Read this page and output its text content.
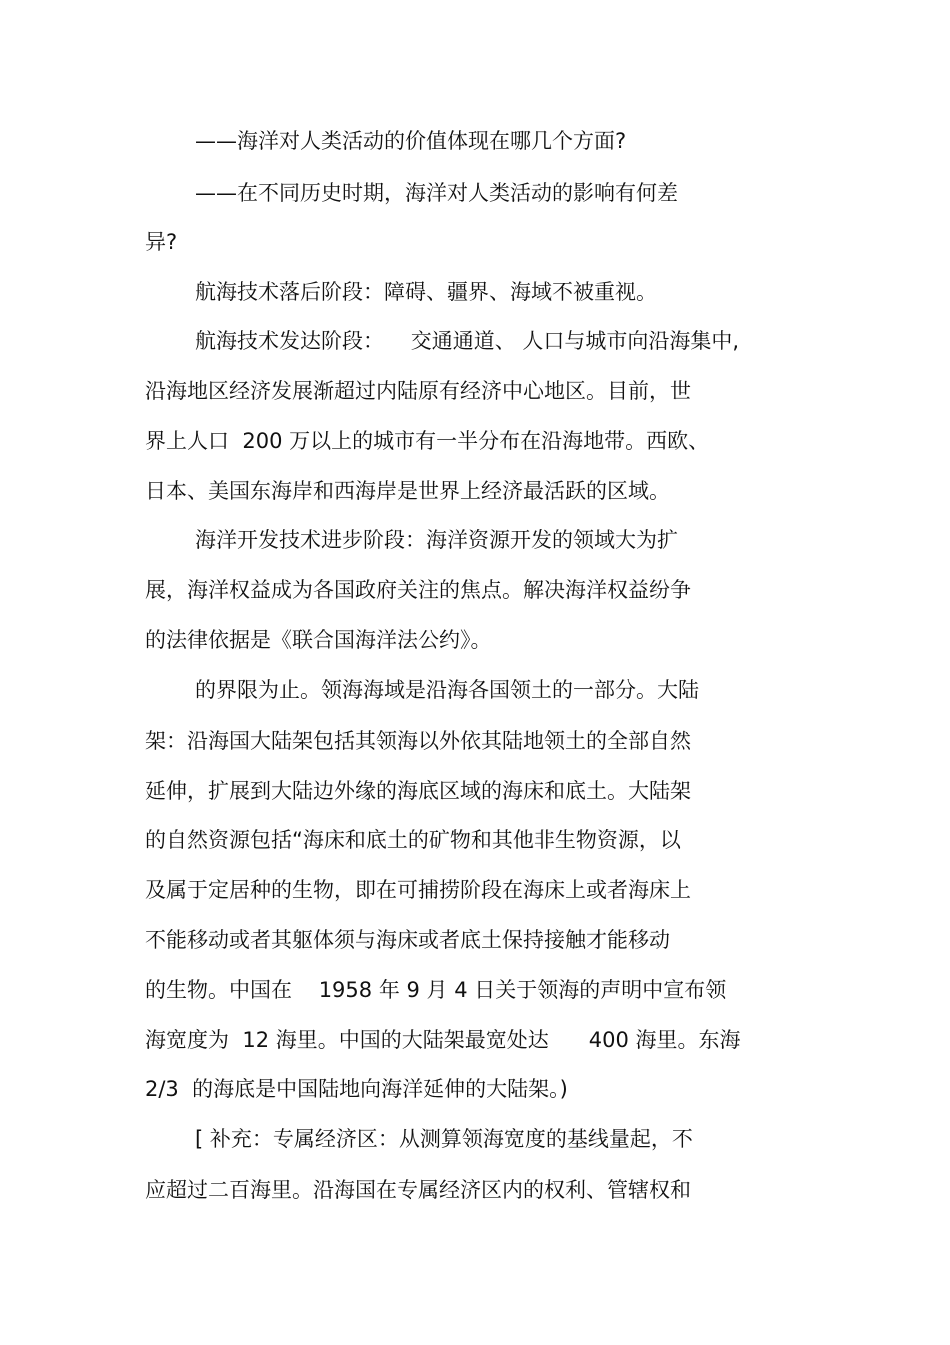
——海洋对人类活动的价值体现在哪几个方面?

——在不同历史时期，海洋对人类活动的影响有何差

异?

航海技术落后阶段：障碍、疆界、海域不被重视。

航海技术发达阶段：    交通通道、 人口与城市向沿海集中,

沿海地区经济发展渐超过内陆原有经济中心地区。目前，世

界上人口  200 万以上的城市有一半分布在沿海地带。西欧、

日本、美国东海岸和西海岸是世界上经济最活跃的区域。

海洋开发技术进步阶段：海洋资源开发的领域大为扩

展，海洋权益成为各国政府关注的焦点。解决海洋权益纷争

的法律依据是《联合国海洋法公约》。

的界限为止。领海海域是沿海各国领土的一部分。大陆

架：沿海国大陆架包括其领海以外依其陆地领土的全部自然

延伸，扩展到大陆边外缘的海底区域的海床和底土。大陆架

的自然资源包括“海床和底土的矿物和其他非生物资源，以

及属于定居种的生物，即在可捕捞阶段在海床上或者海床上

不能移动或者其躯体须与海床或者底土保持接触才能移动

的生物。中国在    1958 年 9 月 4 日关于领海的声明中宣布领

海宽度为  12 海里。中国的大陆架最宽处达      400 海里。东海

2/3  的海底是中国陆地向海洋延伸的大陆架。)

[ 补充：专属经济区：从测算领海宽度的基线量起，不

应超过二百海里。沿海国在专属经济区内的权利、管辖权和
